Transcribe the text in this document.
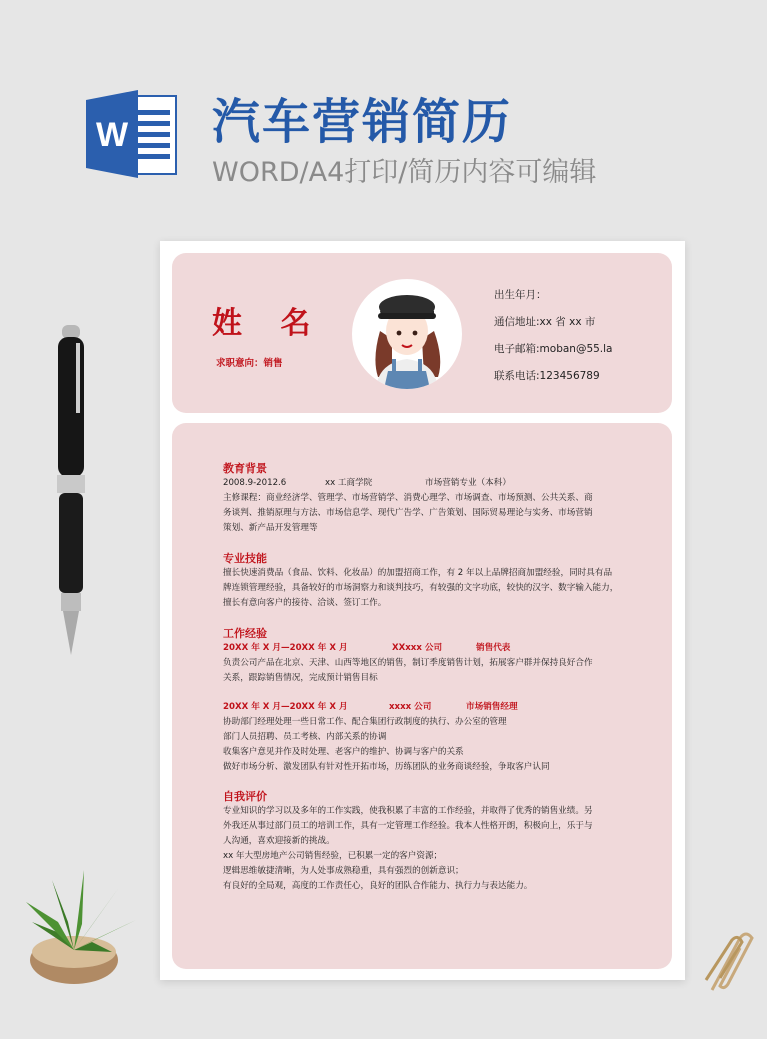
W 汽车营销简历
WORD/A4打印/简历内容可编辑
姓 名
求职意向：销售
出生年月：
通信地址:xx 省 xx 市
电子邮箱:moban@55.la
联系电话:123456789
教育背景
2008.9-2012.6	xx 工商学院	市场营销专业（本科）
主修课程：商业经济学、管理学、市场营销学、消费心理学、市场调查、市场预测、公共关系、商
务谈判、推销原理与方法、市场信息学、现代广告学、广告策划、国际贸易理论与实务、市场营销
策划、新产品开发管理等
专业技能
擅长快速消费品（食品、饮料、化妆品）的加盟招商工作，有 2 年以上品牌招商加盟经验，同时具有品
牌连锁管理经验，具备较好的市场洞察力和谈判技巧，有较强的文字功底，较快的汉字、数字输入能力，
擅长有意向客户的接待、洽谈、签订工作。
工作经验
20XX 年 X 月—20XX 年 X 月	XXxxx 公司	销售代表
负责公司产品在北京、天津、山西等地区的销售，制订季度销售计划，拓展客户群并保持良好合作
关系，跟踪销售情况，完成预计销售目标
20XX 年 X 月—20XX 年 X 月	xxxx 公司	市场销售经理
协助部门经理处理一些日常工作、配合集团行政制度的执行、办公室的管理
部门人员招聘、员工考核、内部关系的协调
收集客户意见并作及时处理、老客户的维护、协调与客户的关系
做好市场分析、激发团队有针对性开拓市场，历练团队的业务商谈经验，争取客户认同
自我评价
专业知识的学习以及多年的工作实践，使我积累了丰富的工作经验，并取得了优秀的销售业绩。另
外我还从事过部门员工的培训工作，具有一定管理工作经验。我本人性格开朗，积极向上，乐于与
人沟通，喜欢迎接新的挑战。
xx 年大型房地产公司销售经验，已积累一定的客户资源；
逻辑思维敏捷清晰，为人处事成熟稳重，具有强烈的创新意识；
有良好的全局观，高度的工作责任心，良好的团队合作能力、执行力与表达能力。
